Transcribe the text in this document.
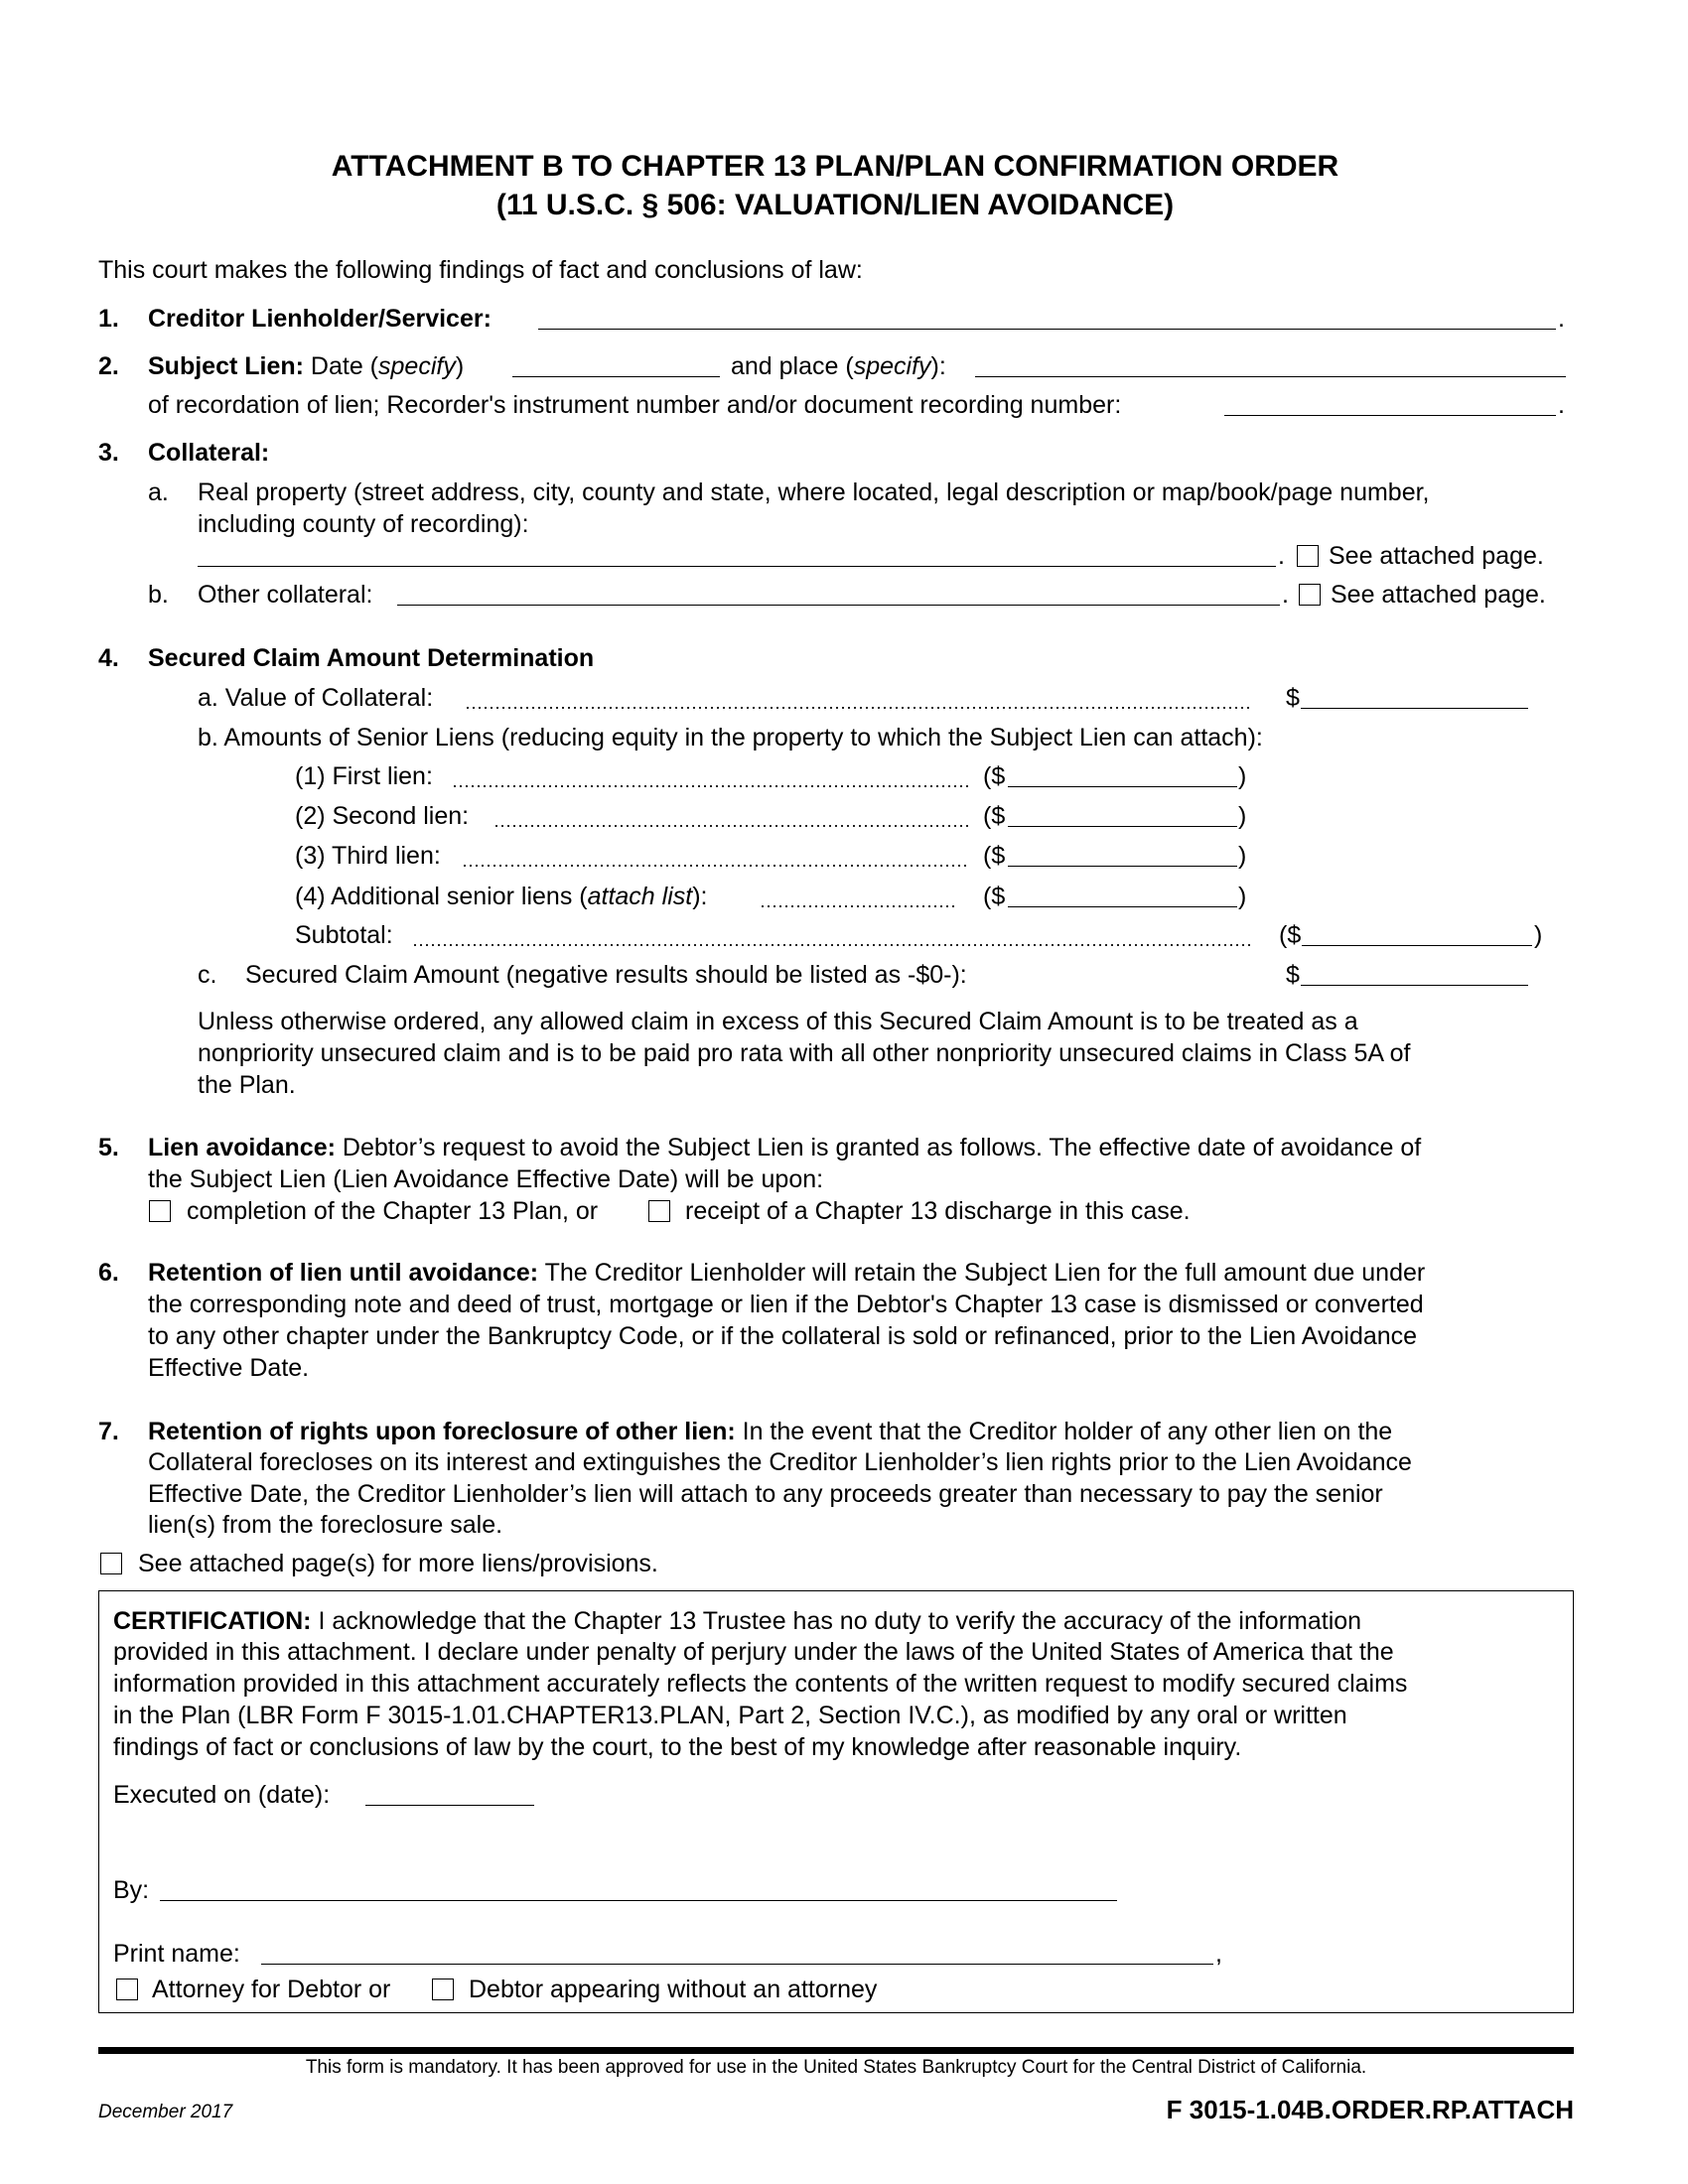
ATTACHMENT B TO CHAPTER 13 PLAN/PLAN CONFIRMATION ORDER
(11 U.S.C. § 506: VALUATION/LIEN AVOIDANCE)
This court makes the following findings of fact and conclusions of law:
1. Creditor Lienholder/Servicer:	.
2. Subject Lien: Date (specify)	and place (specify):
of recordation of lien; Recorder's instrument number and/or document recording number:	.
3. Collateral:
a. Real property (street address, city, county and state, where located, legal description or map/book/page number,
including county of recording):
. See attached page.
b. Other collateral:	. See attached page.
4. Secured Claim Amount Determination
a. Value of Collateral:	$
b. Amounts of Senior Liens (reducing equity in the property to which the Subject Lien can attach):
(1) First lien:	($	)
(2) Second lien:	($	)
(3) Third lien:	($	)
(4) Additional senior liens (attach list):	($	)
Subtotal:	($	)
c. Secured Claim Amount (negative results should be listed as -$0-):	$
Unless otherwise ordered, any allowed claim in excess of this Secured Claim Amount is to be treated as a
nonpriority unsecured claim and is to be paid pro rata with all other nonpriority unsecured claims in Class 5A of
the Plan.
5. Lien avoidance: Debtor’s request to avoid the Subject Lien is granted as follows. The effective date of avoidance of
the Subject Lien (Lien Avoidance Effective Date) will be upon:
completion of the Chapter 13 Plan, or	receipt of a Chapter 13 discharge in this case.
6. Retention of lien until avoidance: The Creditor Lienholder will retain the Subject Lien for the full amount due under
the corresponding note and deed of trust, mortgage or lien if the Debtor's Chapter 13 case is dismissed or converted
to any other chapter under the Bankruptcy Code, or if the collateral is sold or refinanced, prior to the Lien Avoidance
Effective Date.
7. Retention of rights upon foreclosure of other lien: In the event that the Creditor holder of any other lien on the
Collateral forecloses on its interest and extinguishes the Creditor Lienholder’s lien rights prior to the Lien Avoidance
Effective Date, the Creditor Lienholder’s lien will attach to any proceeds greater than necessary to pay the senior
lien(s) from the foreclosure sale.
See attached page(s) for more liens/provisions.
CERTIFICATION: I acknowledge that the Chapter 13 Trustee has no duty to verify the accuracy of the information
provided in this attachment. I declare under penalty of perjury under the laws of the United States of America that the
information provided in this attachment accurately reflects the contents of the written request to modify secured claims
in the Plan (LBR Form F 3015-1.01.CHAPTER13.PLAN, Part 2, Section IV.C.), as modified by any oral or written
findings of fact or conclusions of law by the court, to the best of my knowledge after reasonable inquiry.
Executed on (date):
By:
Print name:	,
Attorney for Debtor or	Debtor appearing without an attorney
This form is mandatory. It has been approved for use in the United States Bankruptcy Court for the Central District of California.
December 2017	F 3015-1.04B.ORDER.RP.ATTACH
